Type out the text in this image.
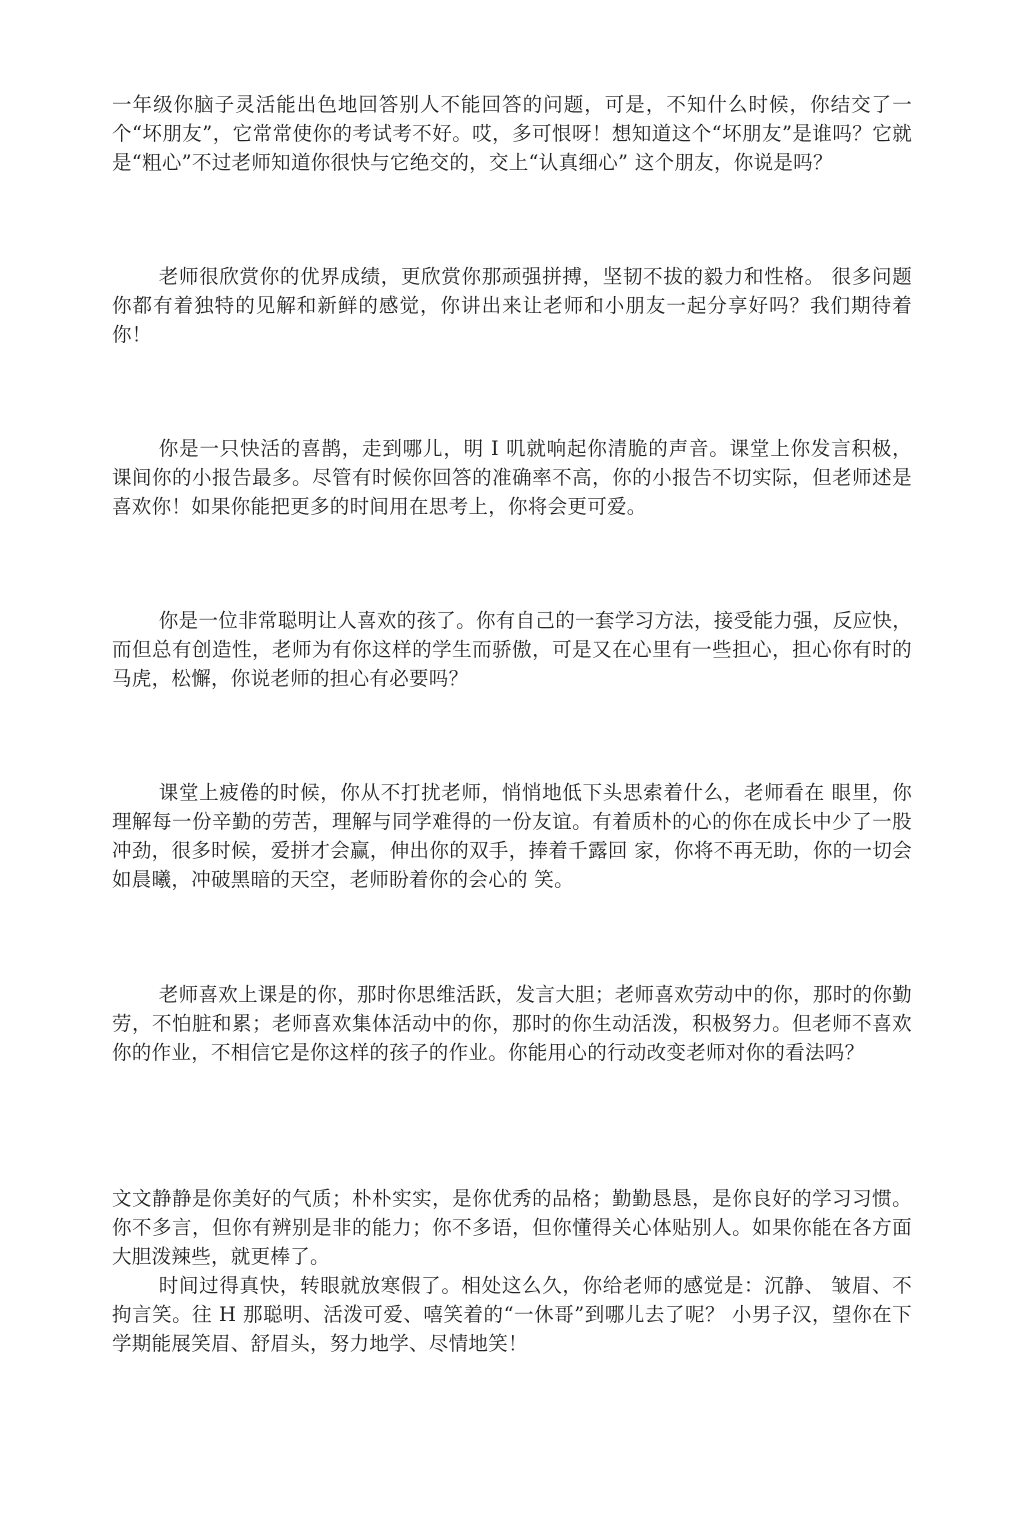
一年级你脑子灵活能出色地回答别人不能回答的问题，可是，不知什么时候，你结交了一个“坏朋友”，它常常使你的考试考不好。哎，多可恨呀！想知道这个“坏朋友”是谁吗？它就是“粗心”不过老师知道你很快与它绝交的，交上“认真细心” 这个朋友，你说是吗？

老师很欣赏你的优界成绩，更欣赏你那顽强拼搏，坚韧不拔的毅力和性格。 很多问题你都有着独特的见解和新鲜的感觉，你讲出来让老师和小朋友一起分享好吗？我们期待着你！

你是一只快活的喜鹊，走到哪儿，明 I 叽就响起你清脆的声音。课堂上你发言积极，课间你的小报告最多。尽管有时候你回答的准确率不高，你的小报告不切实际，但老师述是喜欢你！如果你能把更多的时间用在思考上，你将会更可爱。

你是一位非常聪明让人喜欢的孩了。你有自己的一套学习方法，接受能力强，反应快，而但总有创造性，老师为有你这样的学生而骄傲，可是又在心里有一些担心，担心你有时的马虎，松懈，你说老师的担心有必要吗？

课堂上疲倦的时候，你从不打扰老师，悄悄地低下头思索着什么，老师看在 眼里，你理解每一份辛勤的劳苦，理解与同学难得的一份友谊。有着质朴的心的你在成长中少了一股冲劲，很多时候，爱拼才会赢，伸出你的双手，捧着千露回 家，你将不再无助，你的一切会如晨曦，冲破黑暗的天空，老师盼着你的会心的 笑。

老师喜欢上课是的你，那时你思维活跃，发言大胆；老师喜欢劳动中的你，那时的你勤劳，不怕脏和累；老师喜欢集体活动中的你，那时的你生动活泼，积极努力。但老师不喜欢你的作业，不相信它是你这样的孩子的作业。你能用心的行动改变老师对你的看法吗？

文文静静是你美好的气质；朴朴实实，是你优秀的品格；勤勤恳恳，是你良好的学习习惯。你不多言，但你有辨别是非的能力；你不多语，但你懂得关心体贴别人。如果你能在各方面大胆泼辣些，就更棒了。

时间过得真快，转眼就放寒假了。相处这么久，你给老师的感觉是：沉静、 皱眉、不拘言笑。往 H 那聪明、活泼可爱、嘻笑着的“一休哥”到哪儿去了呢？ 小男子汉，望你在下学期能展笑眉、舒眉头，努力地学、尽情地笑！
